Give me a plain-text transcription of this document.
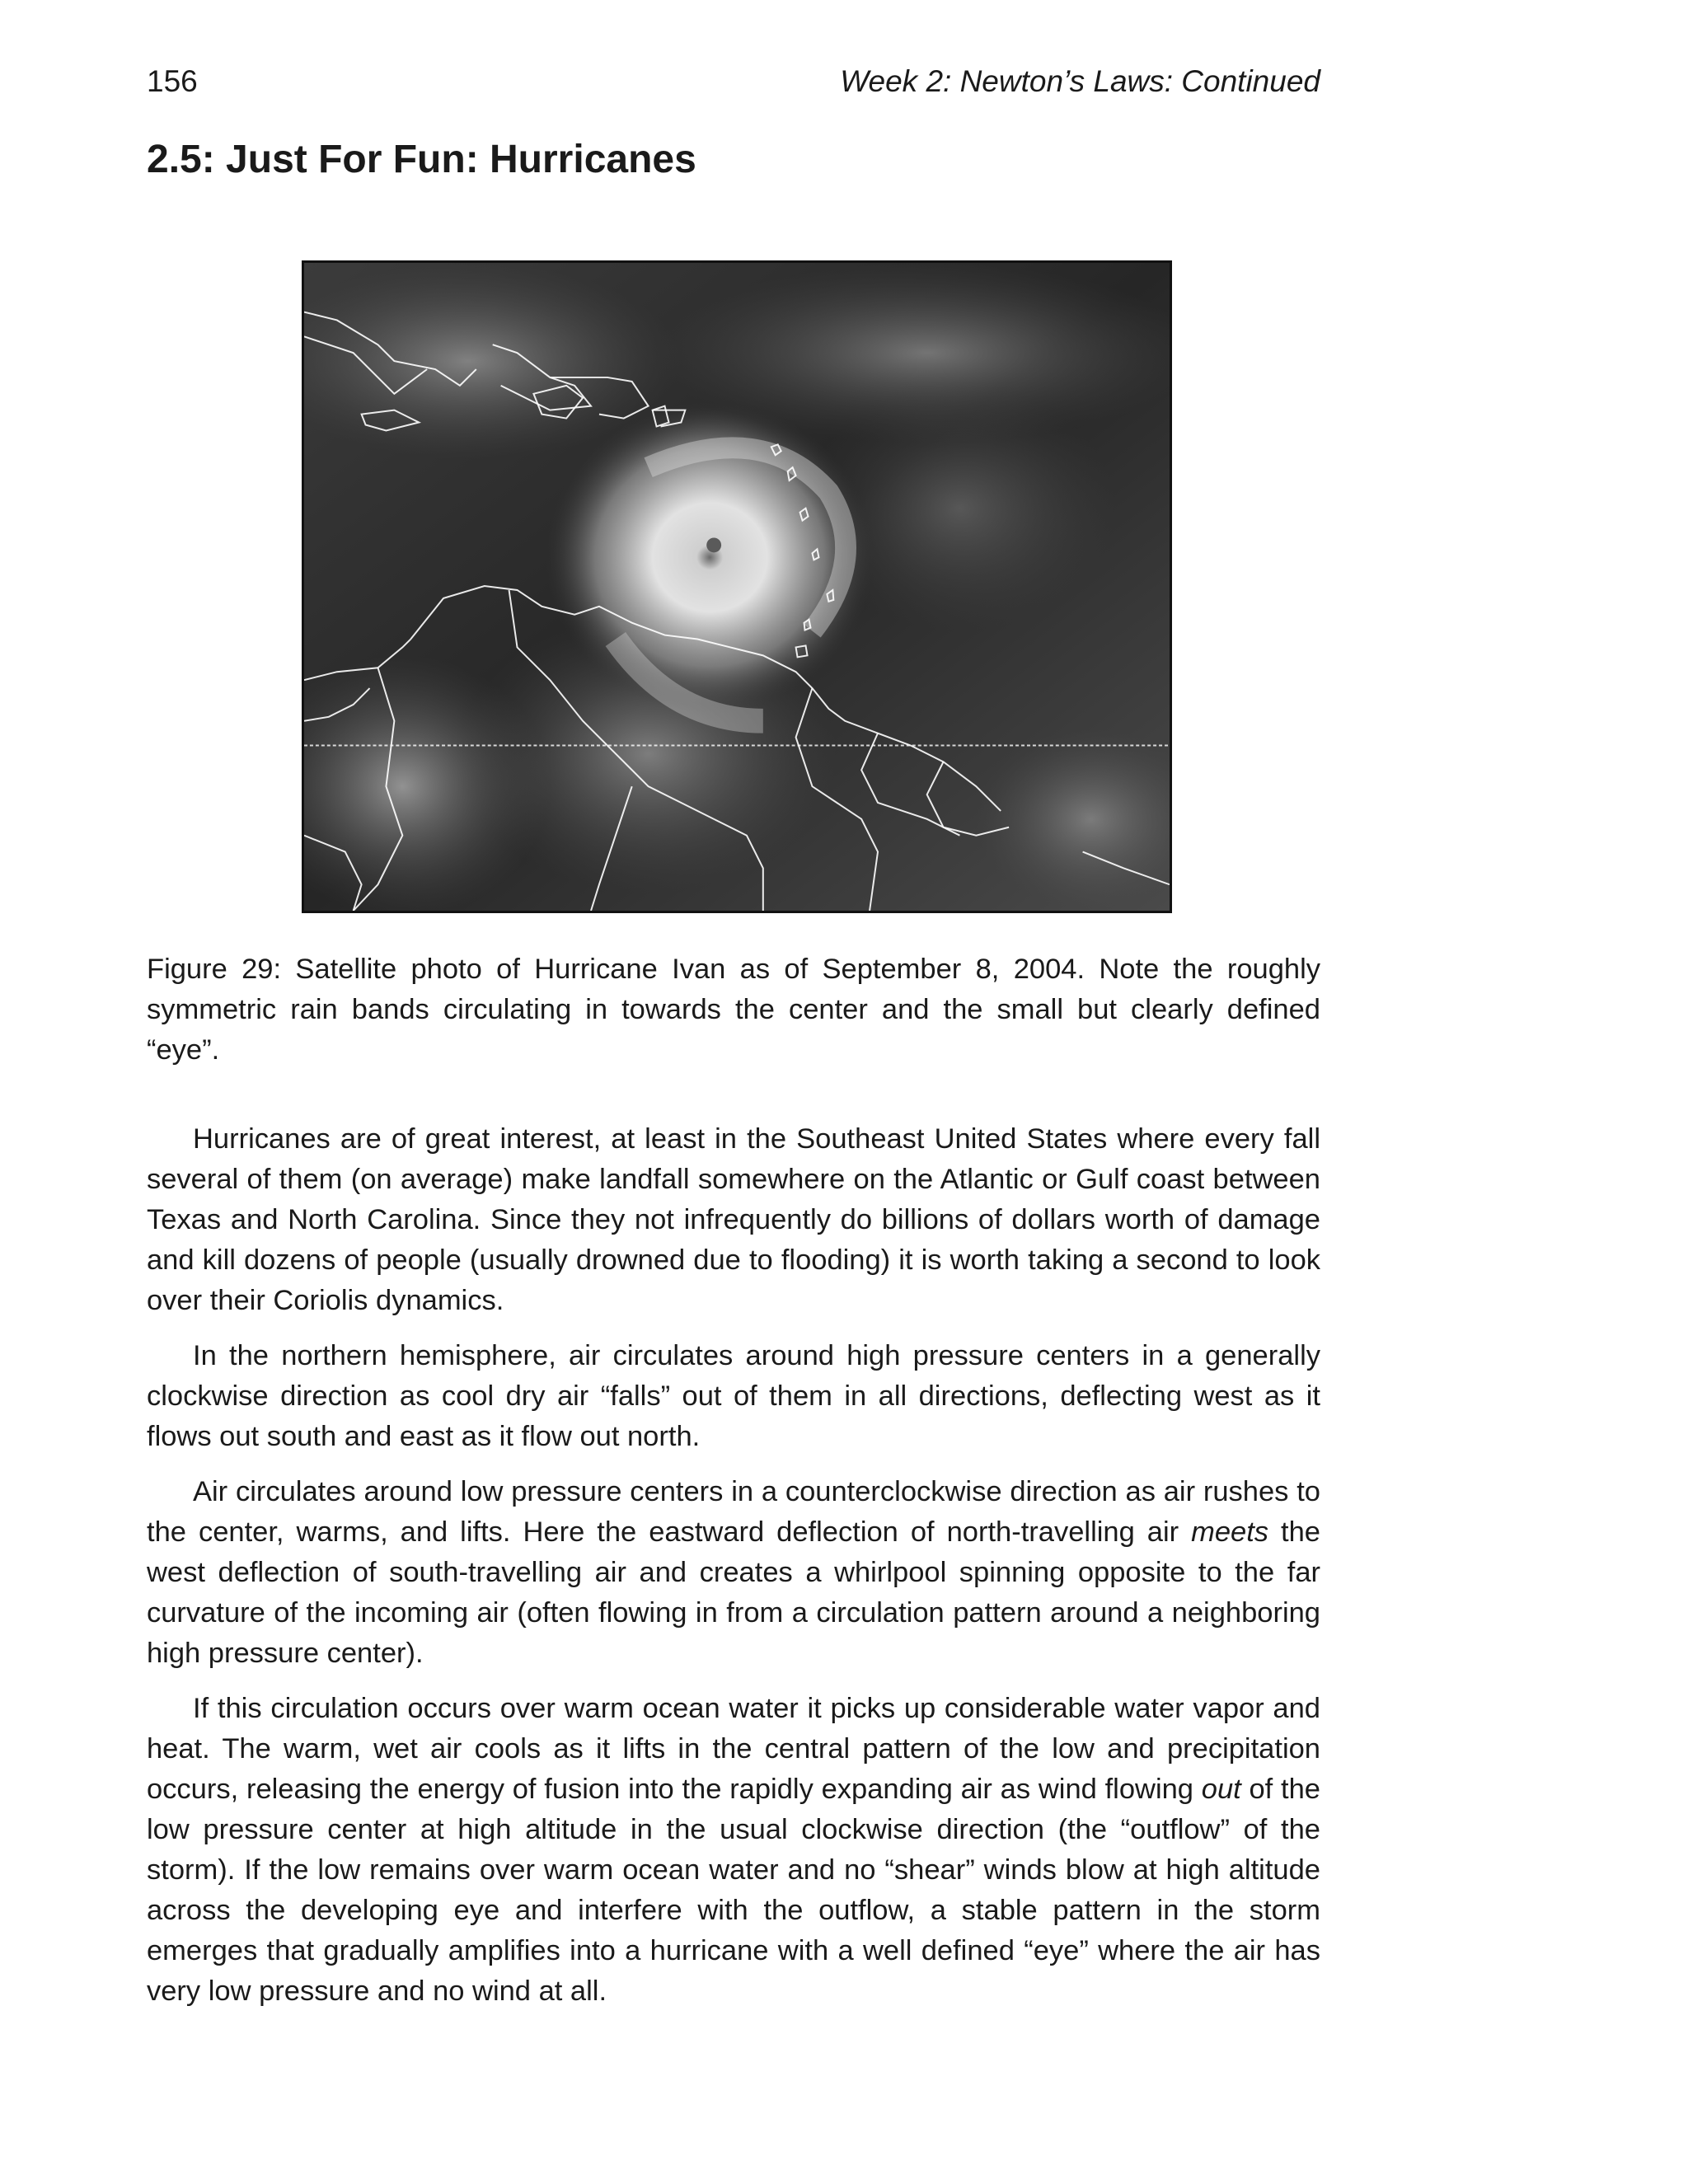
156	Week 2: Newton’s Laws: Continued
2.5: Just For Fun: Hurricanes

Figure 29: Satellite photo of Hurricane Ivan as of September 8, 2004. Note the roughly symmetric rain bands circulating in towards the center and the small but clearly defined “eye”.

Hurricanes are of great interest, at least in the Southeast United States where every fall several of them (on average) make landfall somewhere on the Atlantic or Gulf coast between Texas and North Carolina. Since they not infrequently do billions of dollars worth of damage and kill dozens of people (usually drowned due to flooding) it is worth taking a second to look over their Coriolis dynamics.

In the northern hemisphere, air circulates around high pressure centers in a generally clockwise direction as cool dry air “falls” out of them in all directions, deflecting west as it flows out south and east as it flow out north.

Air circulates around low pressure centers in a counterclockwise direction as air rushes to the center, warms, and lifts. Here the eastward deflection of north-travelling air meets the west deflection of south-travelling air and creates a whirlpool spinning opposite to the far curvature of the incoming air (often flowing in from a circulation pattern around a neighboring high pressure center).

If this circulation occurs over warm ocean water it picks up considerable water vapor and heat. The warm, wet air cools as it lifts in the central pattern of the low and precipitation occurs, releasing the energy of fusion into the rapidly expanding air as wind flowing out of the low pressure center at high altitude in the usual clockwise direction (the “outflow” of the storm). If the low remains over warm ocean water and no “shear” winds blow at high altitude across the developing eye and interfere with the outflow, a stable pattern in the storm emerges that gradually amplifies into a hurricane with a well defined “eye” where the air has very low pressure and no wind at all.
